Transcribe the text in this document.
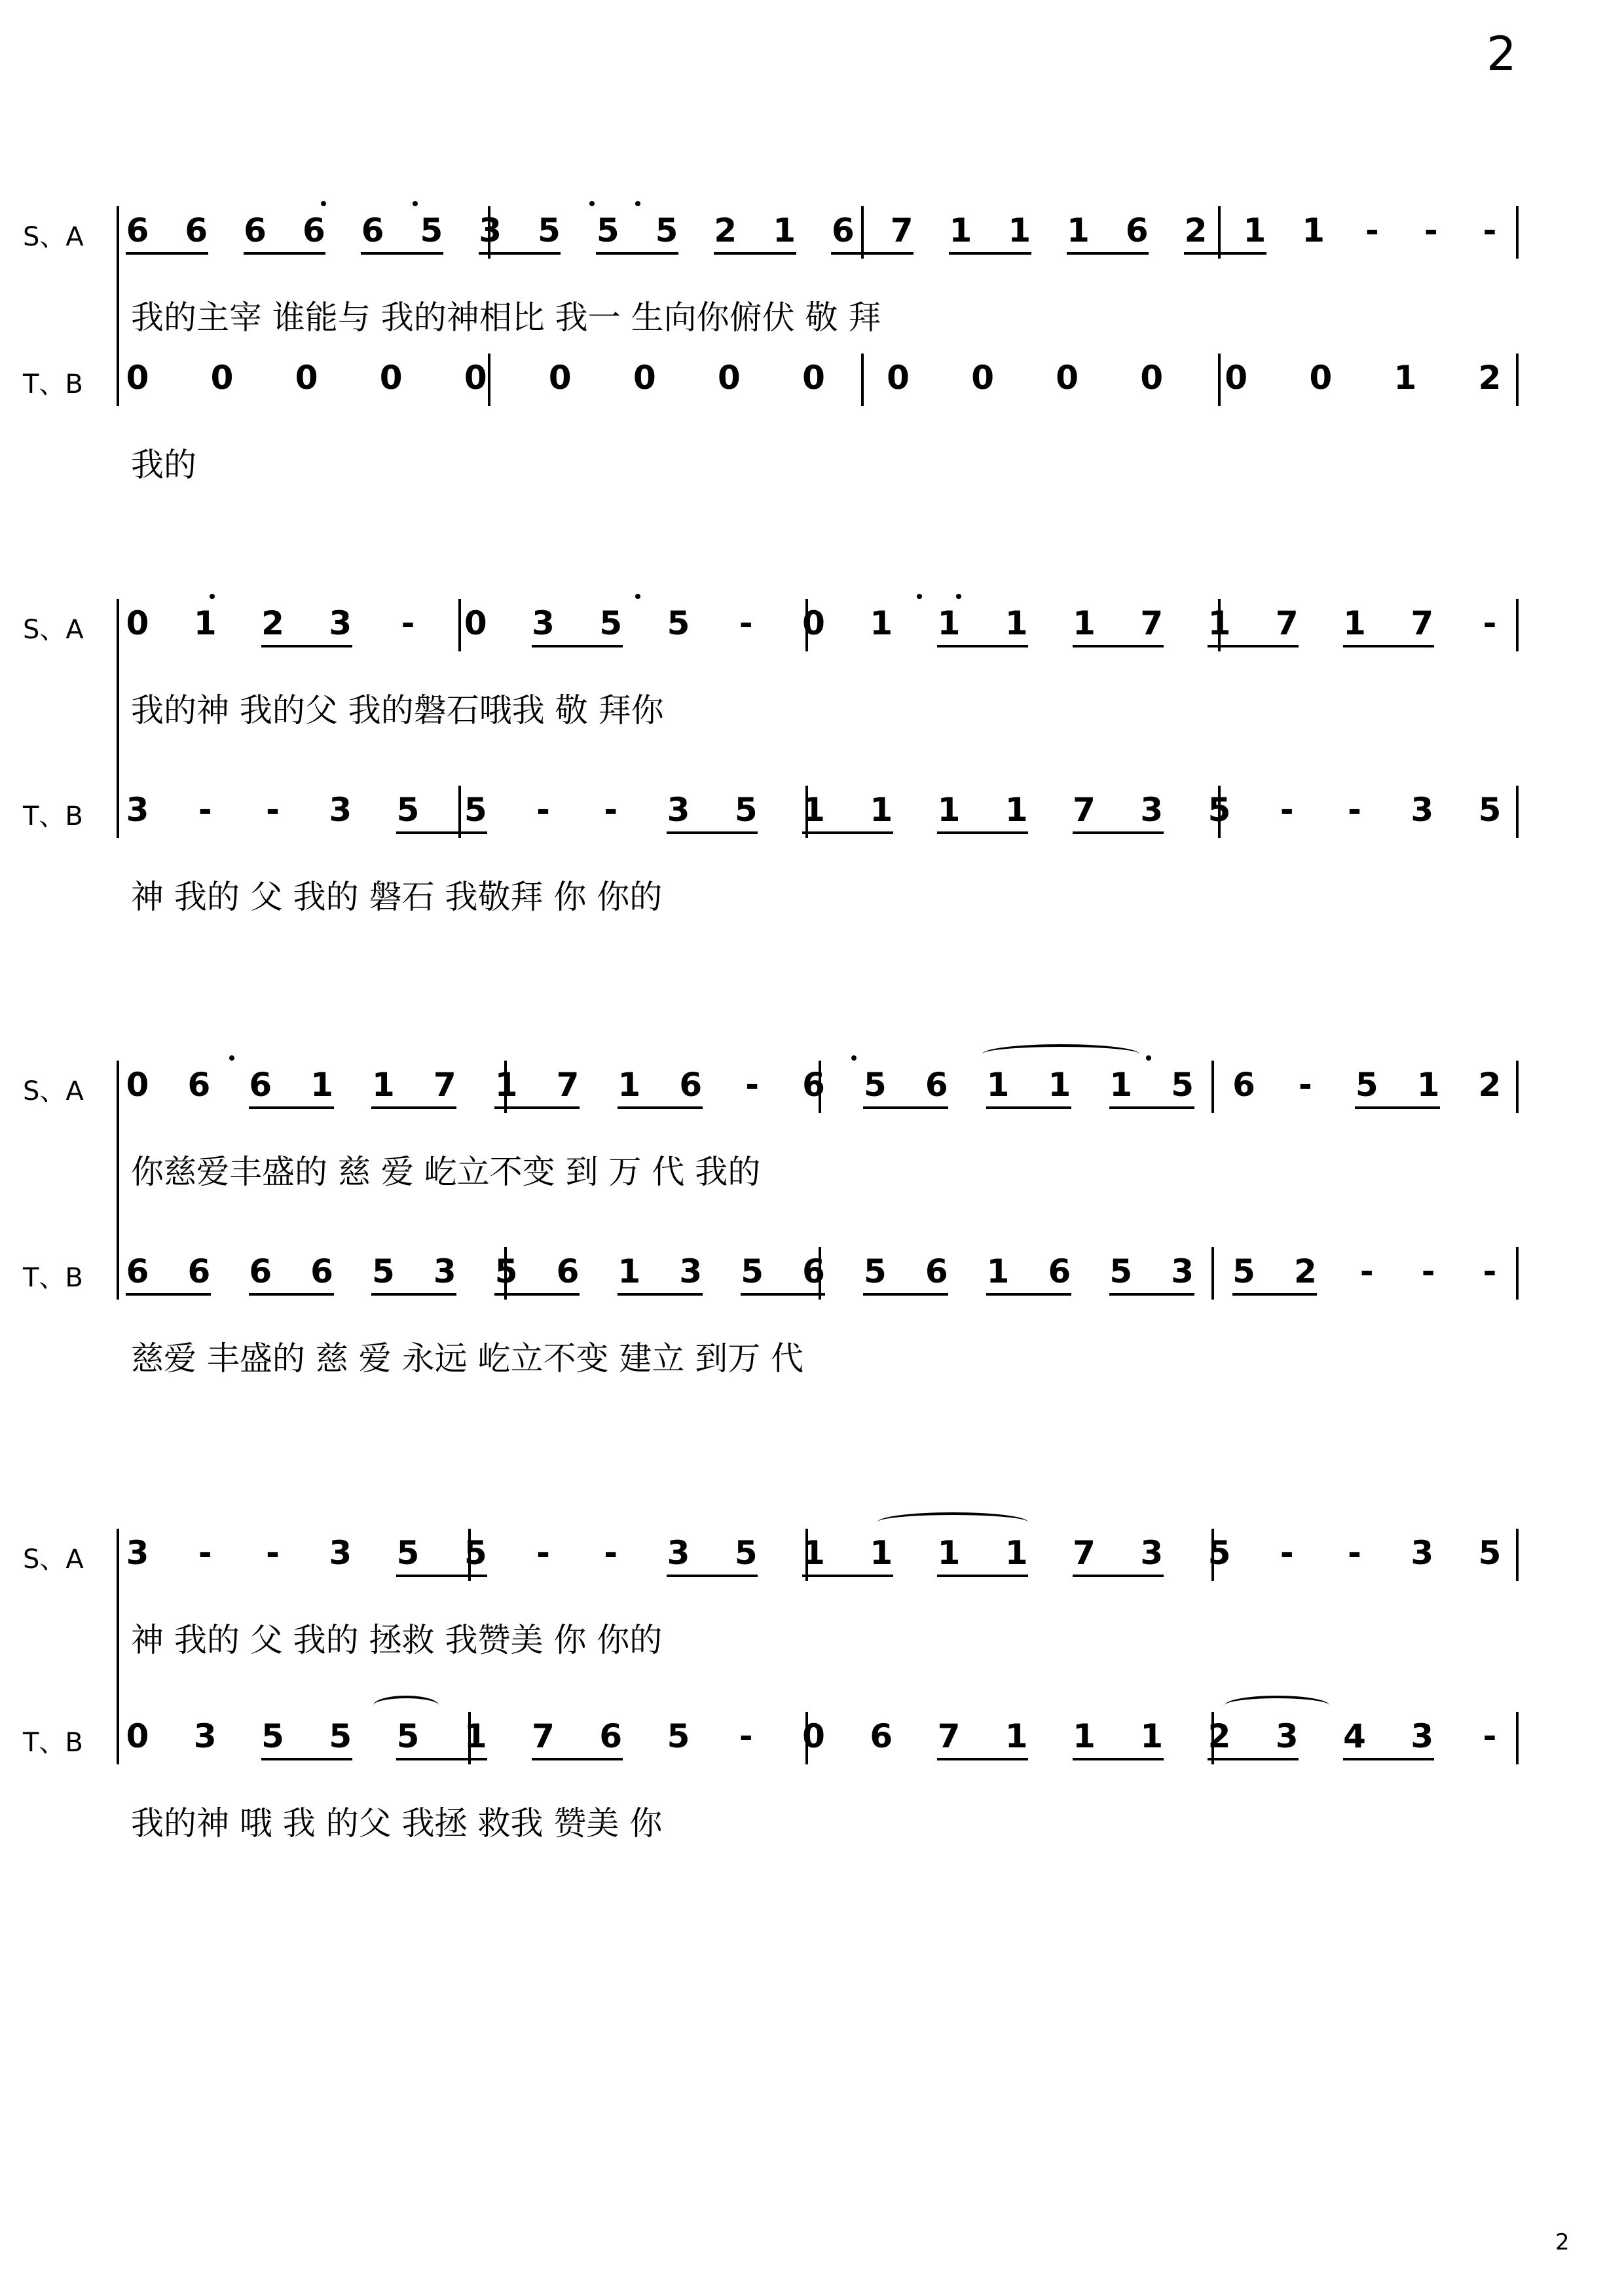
2
S、A 6 6 6 6 6 5 3 5 5 5 2 1 6 7 1 1 1 6 2 1 1 - - -
我的主宰 谁能与 我的神相比 我一 生向你俯伏 敬 拜
T、B 0 0 0 0 0 0 0 0 0 0 0 0 0 0 0 1 2
我的
S、A 0 1 2 3 - 0 3 5 5 - 0 1 1 1 1 7 1 7 1 7 -
我的神 我的父 我的磐石哦我 敬 拜你
T、B 3 - - 3 5 5 - - 3 5 1 1 1 1 7 3 5 - - 3 5
神 我的 父 我的 磐石 我敬拜 你 你的
S、A 0 6 6 1 1 7 1 7 1 6 - 6 5 6 1 1 1 5 6 - 5 1 2
你慈爱丰盛的 慈 爱 屹立不变 到 万 代 我的
T、B 6 6 6 6 5 3 5 6 1 3 5 6 5 6 1 6 5 3 5 2 - - -
慈爱 丰盛的 慈 爱 永远 屹立不变 建立 到万 代
S、A 3 - - 3 5 5 - - 3 5 1 1 1 1 7 3 5 - - 3 5
神 我的 父 我的 拯救 我赞美 你 你的
T、B 0 3 5 5 5 1 7 6 5 - 0 6 7 1 1 1 2 3 4 3 -
我的神 哦 我 的父 我拯 救我 赞美 你
2
